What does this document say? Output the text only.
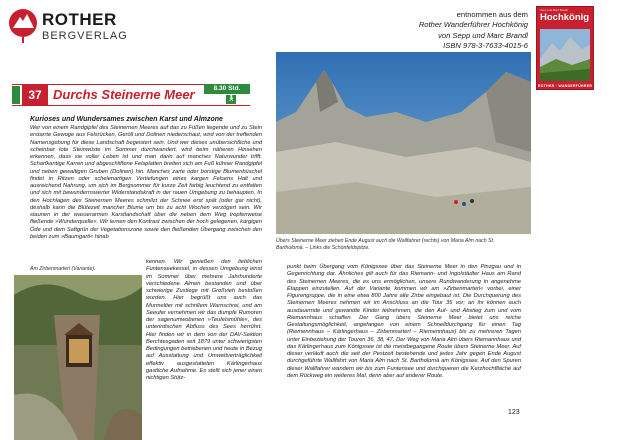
ROTHER
BERGVERLAG
entnommen aus dem
Rother Wanderführer Hochkönig
von Sepp und Marc Brandl
ISBN 978-3-7633-4015-6
Sepp und Marc Brandl
Hochkönig
ROTHER · WANDERFÜHRER
37 Durchs Steinerne Meer	8.30 Std.
🚶︎
Kurioses und Wundersames zwischen Karst und Almzone
Wer von einem Randgipfel des Steinernen Meeres auf das zu Füßen liegende und zu Stein erstarrte Gewoge aus Felsrücken, Geröll und Dolinen niederschaut, wird von der treffenden Namensgebung für diese Landschaft begeistert sein. Und wer dieses unübersichtliche und scheinbar tote Steinwüste im Sommer durchwandert, wird beim näheren Hinsehen erkennen, dass sie voller Leben ist und man darin auf manches Naturwunder trifft. Scharfkantige Karren und abgeschliffene Felsplatten breiten sich am Fuß kühner Randgipfel und neben gewaltigen Gruben (Dolinen) hin. Manches zarte oder borstige Blumenbüschel findet in Ritzen oder schelenartigen Vertiefungen eines kargen Felsens Halt und ausreichend Nahrung, um sich im Bergsommer für kurze Zeit farbig leuchtend zu entfalten und sich mit bewundernswerter Widerstandskraft in der rauen Umgebung zu behaupten. In den Hochlagen des Steinernen Meeres schmilzt der Schnee erst spät (oder gar nicht), deshalb kann die Blütezeit mancher Blume um bis zu acht Wochen verzögert sein. Wir staunen in der wasserarmen Karstlandschaft über die neben dem Weg tropfenweise fließende »Wunderquelle«. Wir lernen den Kontrast zwischen der hoch gelegenen, kargigen Öde und dem Saftgrün der Vegetationszone sowie den fließenden Übergang zwischen den beiden zum »Baumgarti« hinab
Am Zirbenmarterl (Variante).
kennen. Wir genießen den lieblichen Funtenseekessel, in dessen Umgebung einst im Sommer über mehrere Jahrhunderte verschiedene Almen bestanden und über schwierige Zustiege mit Großvieh bestoßen wurden. Hier begrüßt uns auch das Murmeltier mit schrillem Warnschrei, und am Seeufer vernehmen wir das dumpfe Rumoren der sagenumwobenen »Teufelsmühle«, des unterirdischen Abfluss des Sees herrührt. Hier finden wir in dem von der DAV-Sektion Berchtesgaden seit 1879 unter schwierigsten Bedingungen betriebenen und heute in Bezug auf Ausstattung und Umweltverträglichkeit effektiv ausgestatteten Kärlingerhaus gastliche Aufnahme. Es stellt sich jener einen nichtigen Stütz-
Übers Steinerne Meer ziehen Ende August auch die Wallfahrer (rechts) von Maria Alm nach St. Bartholomä. – Links die Schönfeldspitze.
punkt beim Übergang vom Königssee über das Steinerne Meer in den Pinzgau und in Gegenrichtung dar. Ähnliches gilt auch für das Riemann- und Ingolstädter Haus am Rand des Steinernen Meeres, die es uns ermöglichen, unsere Rundwanderung in angenehme Etappen einzuteilen. Auf der Variante kommen wir am »Zirbenmarterl« vorbei, einer Figurengruppe, die in eine etwa 800 Jahre alte Zirbe eingebaut ist. Die Durchquerung des Steinernen Meeres nehmen wir im Anschluss an die Tour 35 vor; an ihr können auch ausdauernde und gewandte Kinder teilnehmen, die den Auf- und Abstieg zum und vom Riemannhaus schaffen. Der Gang übers Steinerne Meer bietet uns reiche Gestaltungsmöglichkeit, angefangen von einem Schnelldurchgang für einen Tag (Riemennhaus – Kärlingerhaus – Zirbenmarterl – Riemennhaus) bis zu mehreren Tagen unter Einbeziehung der Touren 36, 38, 47. Der Weg von Maria Alm übers Riemannhaus und das Kärlingerhaus zum Königssee ist die meistbegangene Route übers Steinerne Meer. Auf dieser verläuft auch die seit der Pestzeit bestehende und jedes Jahr gegen Ende August durchgeführte Wallfahrt von Maria Alm nach St. Bartholomä am Königssee. Auf den Spuren dieser Wallfahrer wandern wir bis zum Funtensee und durchqueren die Kerzhochflläche auf dem Rückweg ein weiteres Mal, denn aber auf anderer Route.
123
